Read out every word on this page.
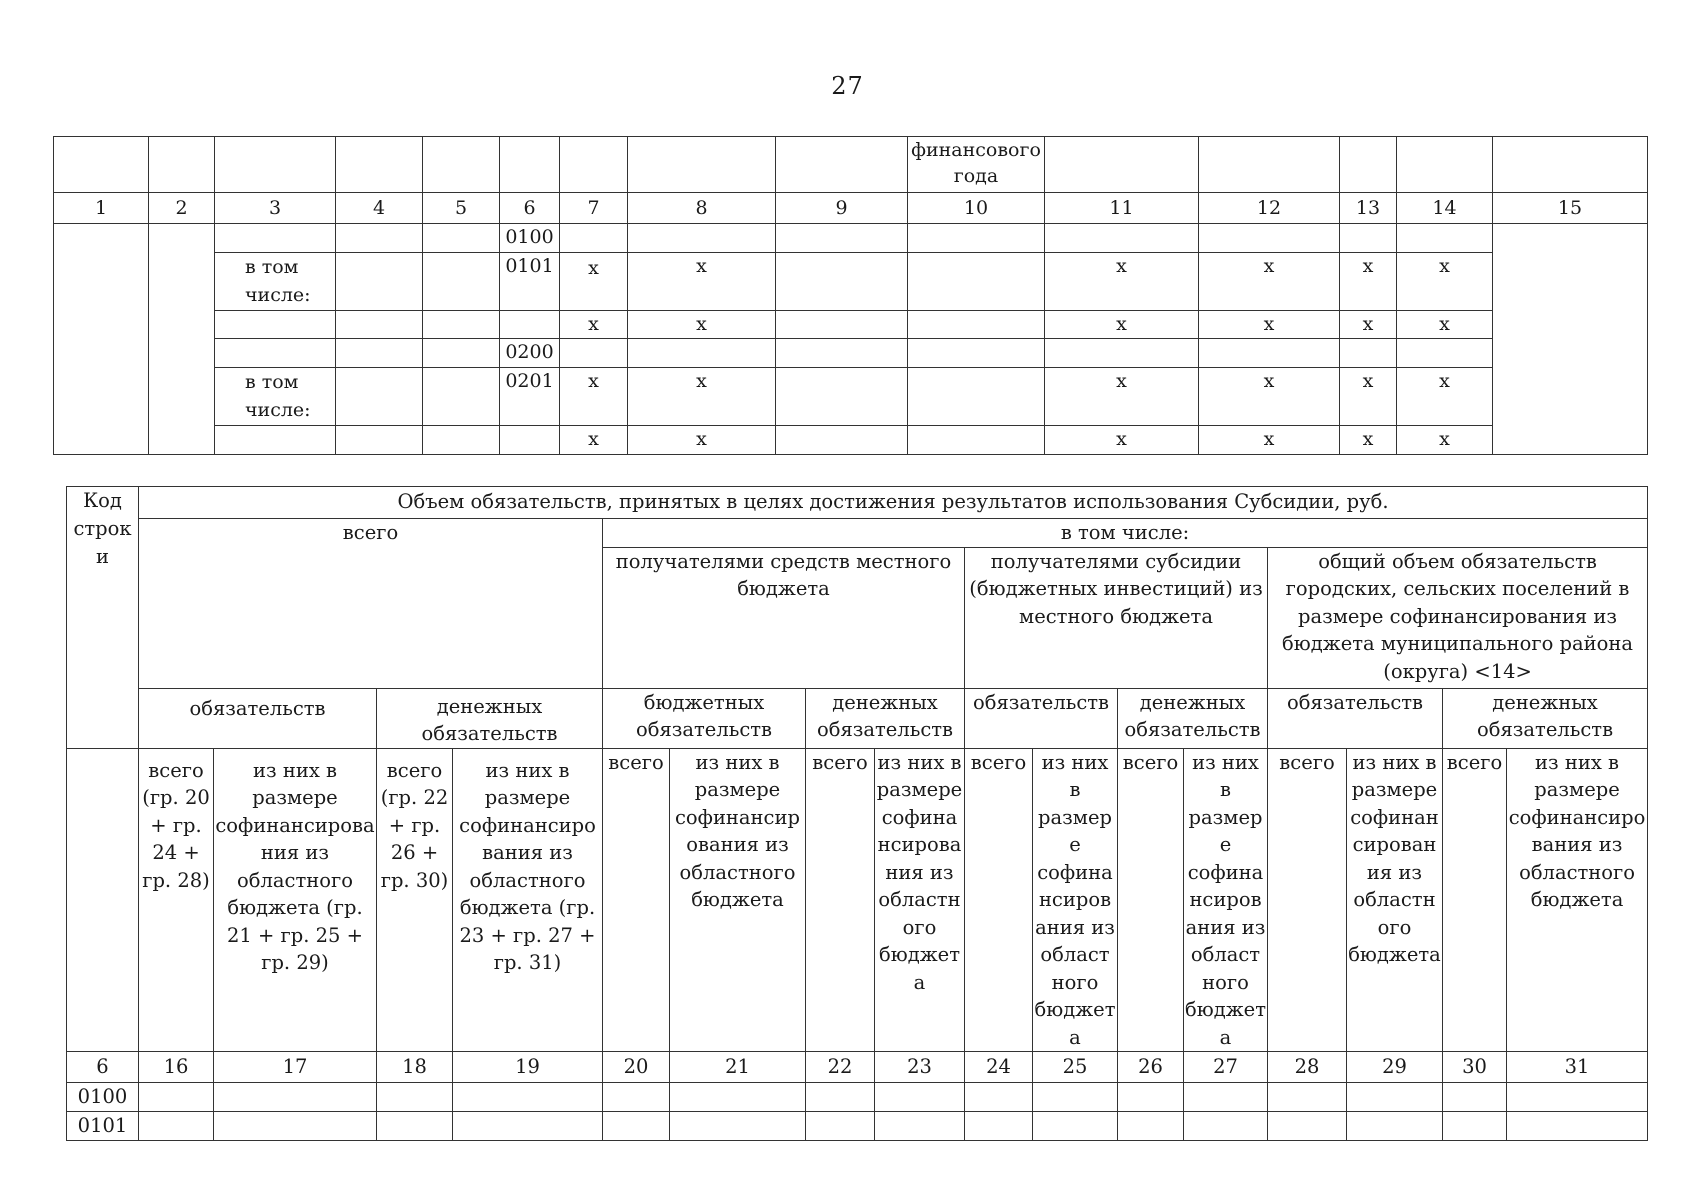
27

									финансового
года					

1	2	3	4	5	6	7	8	9	10	11	12	13	14	15
					0100									
		в том числе:			0101	x	x			x	x	x	x	
						x	x			x	x	x	x	
					0200									
		в том числе:			0201	x	x			x	x	x	x	
						x	x			x	x	x	x	
Код строки	Объем обязательств, принятых в целях достижения результатов использования Субсидии, руб.															
	всего				в том числе:											
					получателями средств местного бюджета				получателями субсидии (бюджетных инвестиций) из местного бюджета				общий объем обязательств городских, сельских поселений в размере софинансирования из бюджета муниципального района (округа) <14>			
	обязательств		денежных обязательств		бюджетных обязательств		денежных обязательств		обязательств		денежных обязательств		обязательств		денежных обязательств	
	всего (гр. 20 + гр. 24 + гр. 28)	из них в размере софинансирования из областного бюджета (гр. 21 + гр. 25 + гр. 29)	всего (гр. 22 + гр. 26 + гр. 30)	из них в размере софинансирования из областного бюджета (гр. 23 + гр. 27 + гр. 31)	всего	из них в размере софинансирования из областного бюджета	всего	из них в размере софинансирования из областного бюджета	всего	из них в размере софинансирования из областного бюджета	всего	из них в размере софинансирования из областного бюджета	всего	из них в размере софинансирования из областного бюджета	всего	из них в размере софинансирования из областного бюджета
6	16	17	18	19	20	21	22	23	24	25	26	27	28	29	30	31
0100																
0101																
